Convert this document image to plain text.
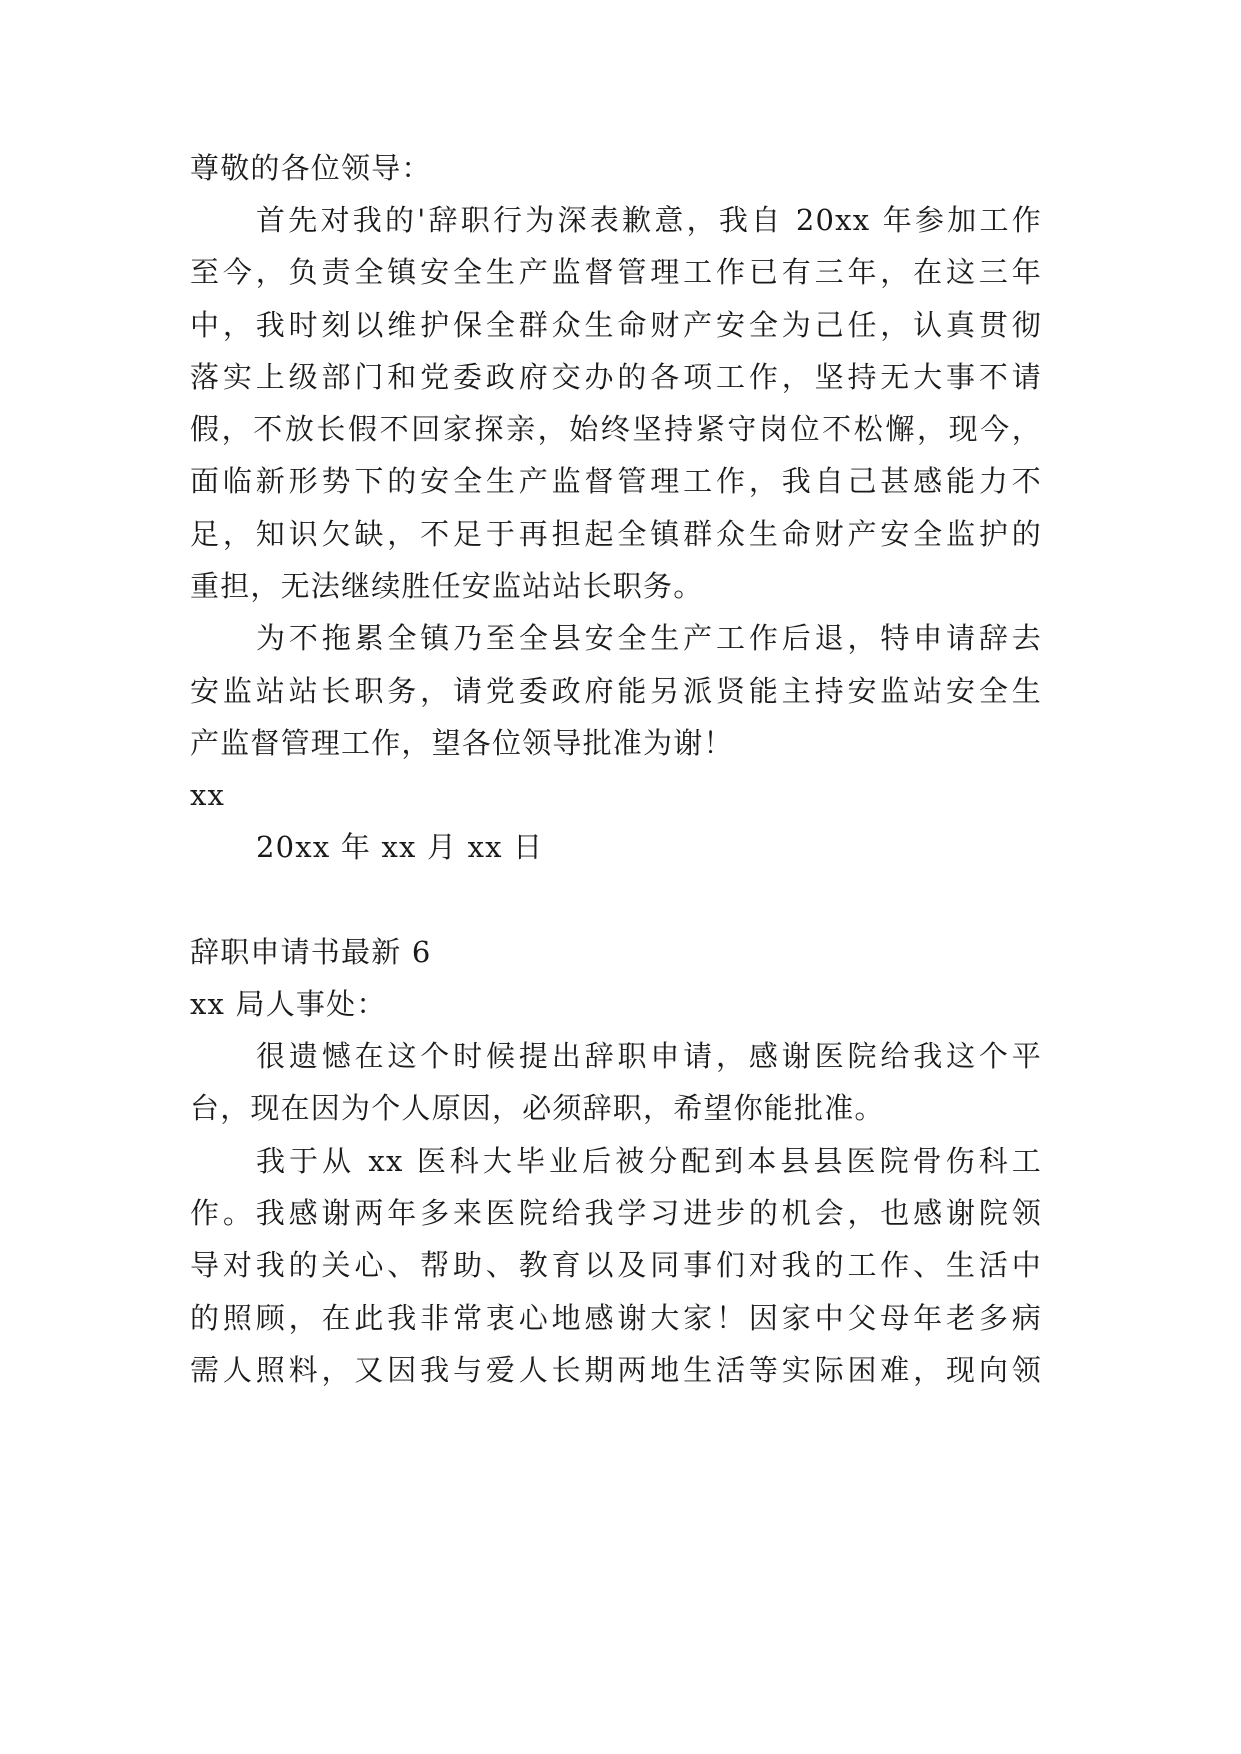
尊敬的各位领导：
首先对我的'辞职行为深表歉意，我自 20xx 年参加工作
至今，负责全镇安全生产监督管理工作已有三年，在这三年
中，我时刻以维护保全群众生命财产安全为己任，认真贯彻
落实上级部门和党委政府交办的各项工作，坚持无大事不请
假，不放长假不回家探亲，始终坚持紧守岗位不松懈，现今，
面临新形势下的安全生产监督管理工作，我自己甚感能力不
足，知识欠缺，不足于再担起全镇群众生命财产安全监护的
重担，无法继续胜任安监站站长职务。
为不拖累全镇乃至全县安全生产工作后退，特申请辞去
安监站站长职务，请党委政府能另派贤能主持安监站安全生
产监督管理工作，望各位领导批准为谢！
xx
20xx 年 xx 月 xx 日
辞职申请书最新 6
xx 局人事处：
很遗憾在这个时候提出辞职申请，感谢医院给我这个平
台，现在因为个人原因，必须辞职，希望你能批准。
我于从 xx 医科大毕业后被分配到本县县医院骨伤科工
作。我感谢两年多来医院给我学习进步的机会，也感谢院领
导对我的关心、帮助、教育以及同事们对我的工作、生活中
的照顾，在此我非常衷心地感谢大家！因家中父母年老多病
需人照料，又因我与爱人长期两地生活等实际困难，现向领
